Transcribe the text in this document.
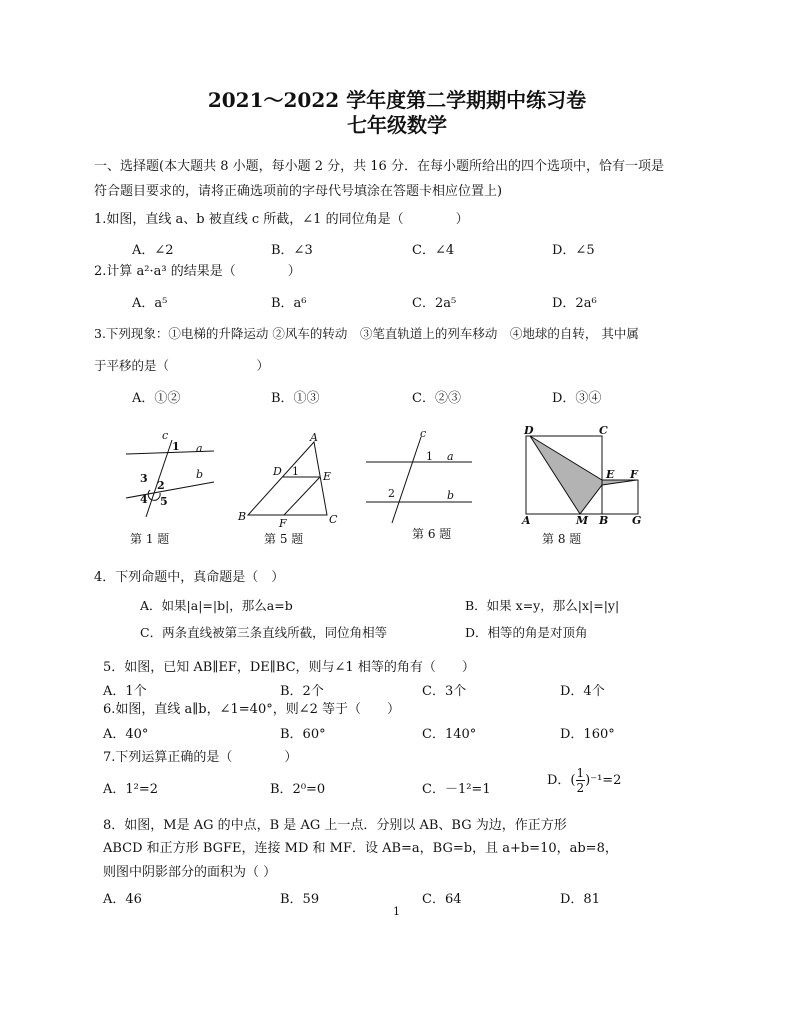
2021～2022 学年度第二学期期中练习卷
七年级数学
一、选择题(本大题共 8 小题，每小题 2 分，共 16 分．在每小题所给出的四个选项中，恰有一项是
符合题目要求的，请将正确选项前的字母代号填涂在答题卡相应位置上)
1.如图，直线 a、b 被直线 c 所截，∠1 的同位角是（　　　　）
A．∠2	B．∠3	C．∠4	D．∠5
2.计算 a²·a³ 的结果是（　　　　）
A．a⁵	B．a⁶	C．2a⁵	D．2a⁶
3.下列现象：①电梯的升降运动 ②风车的转动　③笔直轨道上的列车移动　④地球的自转， 其中属
于平移的是（　　　　　　　）
A．①②	B．①③	C．②③	D．③④
c
a
b
1
3
2
4 5
第 1 题
A
D 1 E
B
F	C
第 5 题
c
1 a
2	b
第 6 题
D	C
E F
A	M B G
第 8 题
4．下列命题中，真命题是（　）
A．如果|a|=|b|，那么a=b	B．如果 x=y，那么|x|=|y|
C．两条直线被第三条直线所截，同位角相等	D．相等的角是对顶角
5．如图，已知 AB∥EF，DE∥BC，则与∠1 相等的角有（　　）
A．1个	B．2个	C．3个	D．4个
6.如图，直线 a∥b，∠1=40°，则∠2 等于（　　）
A．40°	B．60°	C．140°	D．160°
7.下列运算正确的是（　　　　）
A．1²=2	B．2⁰=0	C．－1²=1
D．( $\frac{1}{2} )^{-1}=2$
8．如图，M是 AG 的中点，B 是 AG 上一点．分别以 AB、BG 为边，作正方形
ABCD 和正方形 BGFE，连接 MD 和 MF．设 AB=a，BG=b，且 a+b=10，ab=8，
则图中阴影部分的面积为（ ）
A．46	B．59	C．64	D．81
1
